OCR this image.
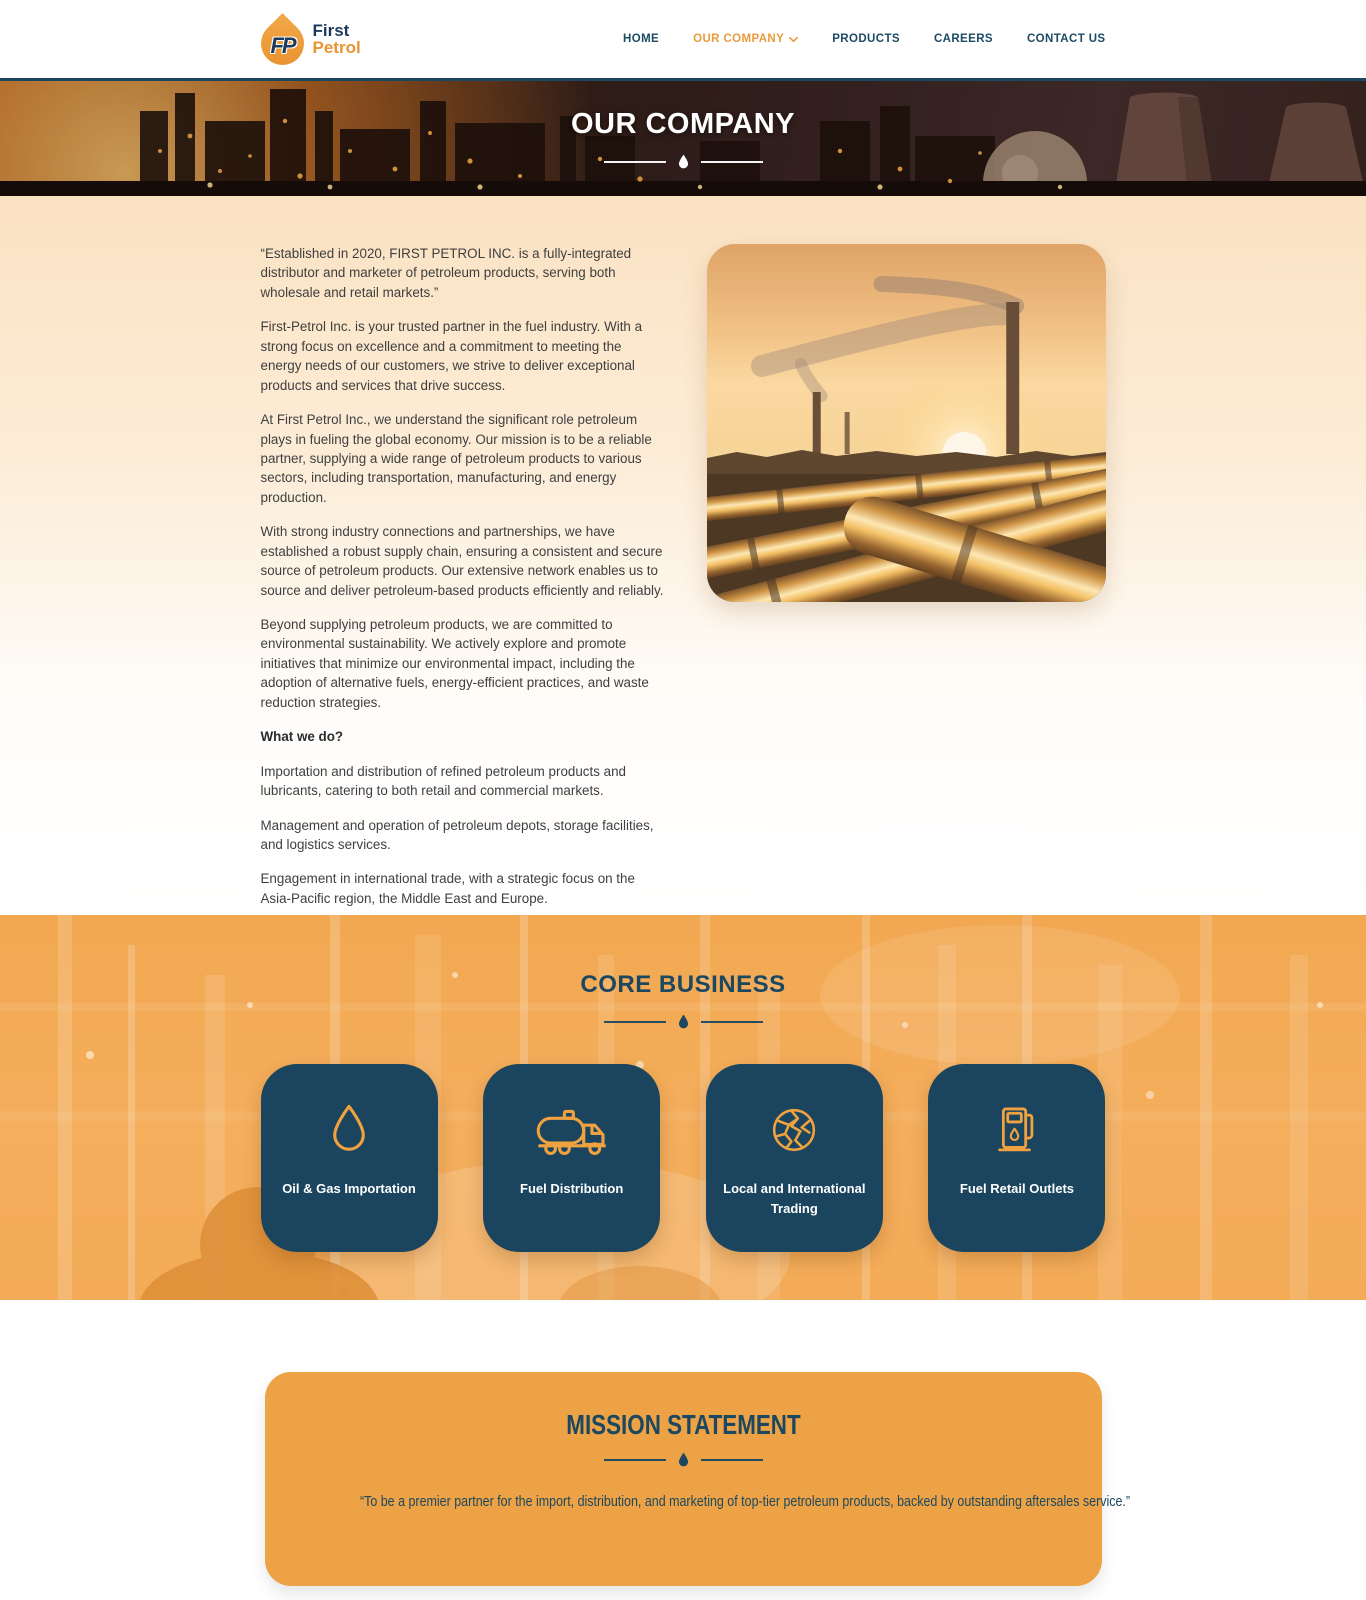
FP
First
Petrol	HOME	OUR COMPANY	PRODUCTS	CAREERS	CONTACT US
OUR COMPANY

“Established in 2020, FIRST PETROL INC. is a fully-integrated distributor and marketer of petroleum products, serving both wholesale and retail markets.”

First-Petrol Inc. is your trusted partner in the fuel industry. With a strong focus on excellence and a commitment to meeting the energy needs of our customers, we strive to deliver exceptional products and services that drive success.

At First Petrol Inc., we understand the significant role petroleum plays in fueling the global economy. Our mission is to be a reliable partner, supplying a wide range of petroleum products to various sectors, including transportation, manufacturing, and energy production.

With strong industry connections and partnerships, we have established a robust supply chain, ensuring a consistent and secure source of petroleum products. Our extensive network enables us to source and deliver petroleum-based products efficiently and reliably.

Beyond supplying petroleum products, we are committed to environmental sustainability. We actively explore and promote initiatives that minimize our environmental impact, including the adoption of alternative fuels, energy-efficient practices, and waste reduction strategies.

What we do?

Importation and distribution of refined petroleum products and lubricants, catering to both retail and commercial markets.

Management and operation of petroleum depots, storage facilities, and logistics services.

Engagement in international trade, with a strategic focus on the Asia-Pacific region, the Middle East and Europe.

CORE BUSINESS
Oil & Gas Importation	Fuel Distribution	Local and International Trading
Fuel Retail Outlets
MISSION STATEMENT

“To be a premier partner for the import, distribution, and marketing of top-tier petroleum products, backed by outstanding aftersales service.”
